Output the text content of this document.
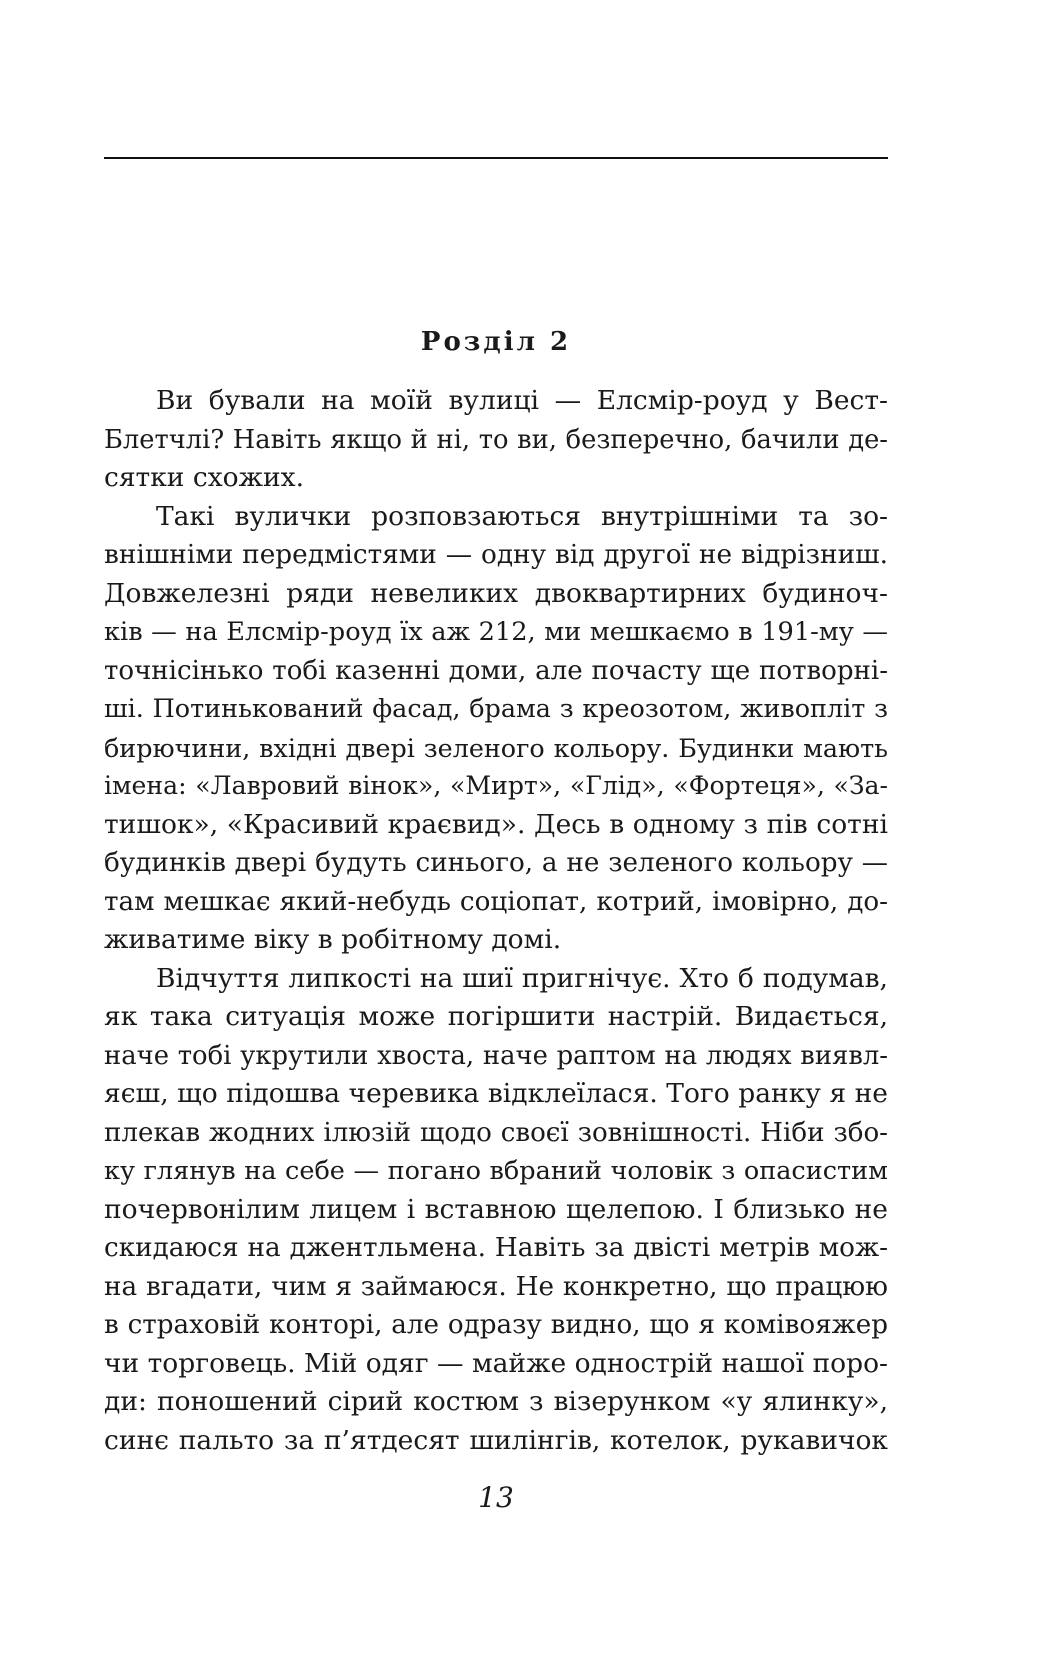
Розділ 2

Ви бували на моїй вулиці — Елсмір-роуд у Вест-
Блетчлі? Навіть якщо й ні, то ви, безперечно, бачили де-
сятки схожих.

Такі вулички розповзаються внутрішніми та зо-
внішніми передмістями — одну від другої не відрізниш.
Довжелезні ряди невеликих двоквартирних будиноч-
ків — на Елсмір-роуд їх аж 212, ми мешкаємо в 191-му —
точнісінько тобі казенні доми, але почасту ще потворні-
ші. Потинькований фасад, брама з креозотом, живопліт з
бирючини, вхідні двері зеленого кольору. Будинки мають
імена: «Лавровий вінок», «Мирт», «Глід», «Фортеця», «За-
тишок», «Красивий краєвид». Десь в одному з пів сотні
будинків двері будуть синього, а не зеленого кольору —
там мешкає який-небудь соціопат, котрий, імовірно, до-
живатиме віку в робітному домі.

Відчуття липкості на шиї пригнічує. Хто б подумав,
як така ситуація може погіршити настрій. Видається,
наче тобі укрутили хвоста, наче раптом на людях виявл-
яєш, що підошва черевика відклеїлася. Того ранку я не
плекав жодних ілюзій щодо своєї зовнішності. Ніби збо-
ку глянув на себе — погано вбраний чоловік з опасистим
почервонілим лицем і вставною щелепою. І близько не
скидаюся на джентльмена. Навіть за двісті метрів мож-
на вгадати, чим я займаюся. Не конкретно, що працюю
в страховій конторі, але одразу видно, що я комівояжер
чи торговець. Мій одяг — майже однострій нашої поро-
ди: поношений сірий костюм з візерунком «у ялинку»,
синє пальто за п’ятдесят шилінгів, котелок, рукавичок

13
